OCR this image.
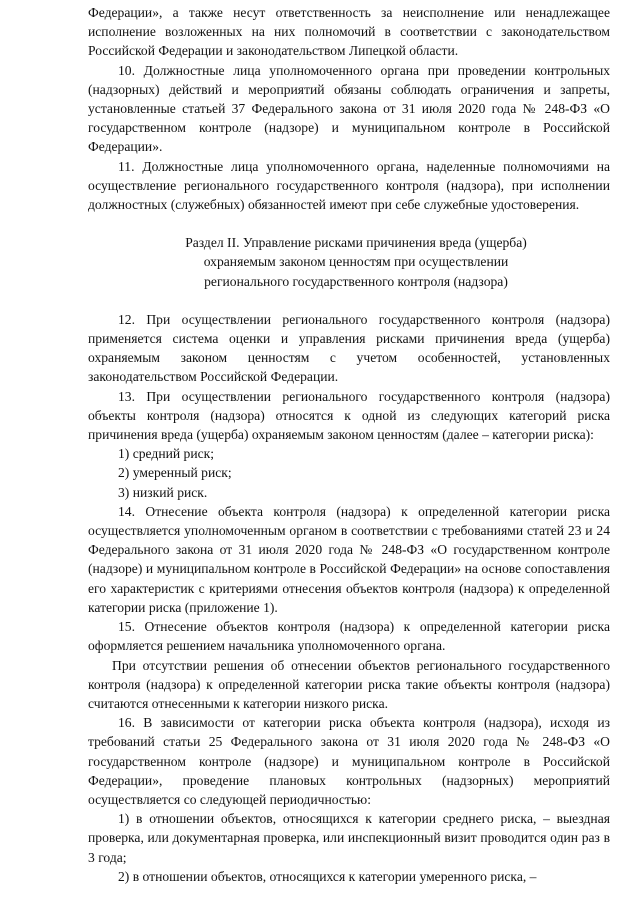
Федерации», а также несут ответственность за неисполнение или ненадлежащее исполнение возложенных на них полномочий в соответствии с законодательством Российской Федерации и законодательством Липецкой области.

10. Должностные лица уполномоченного органа при проведении контрольных (надзорных) действий и мероприятий обязаны соблюдать ограничения и запреты, установленные статьей 37 Федерального закона от 31 июля 2020 года № 248-ФЗ «О государственном контроле (надзоре) и муниципальном контроле в Российской Федерации».

11. Должностные лица уполномоченного органа, наделенные полномочиями на осуществление регионального государственного контроля (надзора), при исполнении должностных (служебных) обязанностей имеют при себе служебные удостоверения.

Раздел II. Управление рисками причинения вреда (ущерба)
охраняемым законом ценностям при осуществлении
регионального государственного контроля (надзора)

12. При осуществлении регионального государственного контроля (надзора) применяется система оценки и управления рисками причинения вреда (ущерба) охраняемым законом ценностям с учетом особенностей, установленных законодательством Российской Федерации.

13. При осуществлении регионального государственного контроля (надзора) объекты контроля (надзора) относятся к одной из следующих категорий риска причинения вреда (ущерба) охраняемым законом ценностям (далее – категории риска):

1) средний риск;

2) умеренный риск;

3) низкий риск.

14. Отнесение объекта контроля (надзора) к определенной категории риска осуществляется уполномоченным органом в соответствии с требованиями статей 23 и 24 Федерального закона от 31 июля 2020 года № 248-ФЗ «О государственном контроле (надзоре) и муниципальном контроле в Российской Федерации» на основе сопоставления его характеристик с критериями отнесения объектов контроля (надзора) к определенной категории риска (приложение 1).

15. Отнесение объектов контроля (надзора) к определенной категории риска оформляется решением начальника уполномоченного органа.

При отсутствии решения об отнесении объектов регионального государственного контроля (надзора) к определенной категории риска такие объекты контроля (надзора) считаются отнесенными к категории низкого риска.

16. В зависимости от категории риска объекта контроля (надзора), исходя из требований статьи 25 Федерального закона от 31 июля 2020 года № 248-ФЗ «О государственном контроле (надзоре) и муниципальном контроле в Российской Федерации», проведение плановых контрольных (надзорных) мероприятий осуществляется со следующей периодичностью:

1) в отношении объектов, относящихся к категории среднего риска, – выездная проверка, или документарная проверка, или инспекционный визит проводится один раз в 3 года;

2) в отношении объектов, относящихся к категории умеренного риска, –
